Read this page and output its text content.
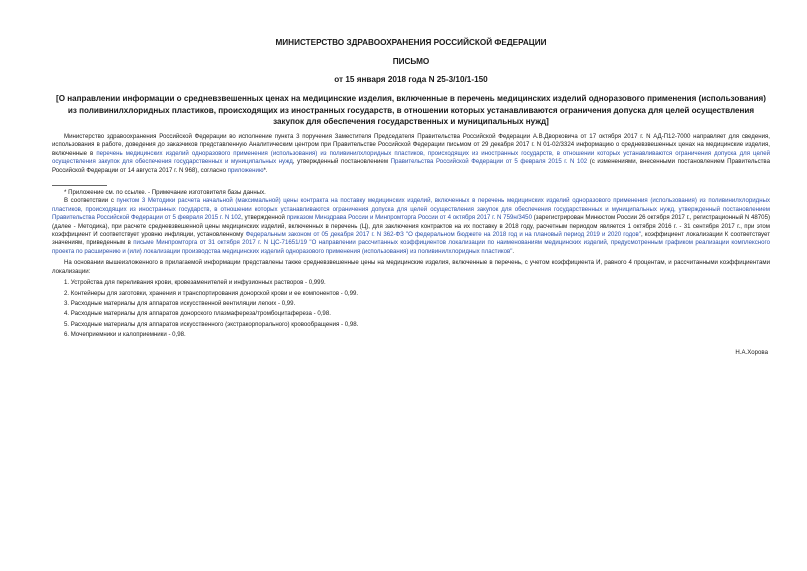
МИНИСТЕРСТВО ЗДРАВООХРАНЕНИЯ РОССИЙСКОЙ ФЕДЕРАЦИИ
ПИСЬМО
от 15 января 2018 года N 25-3/10/1-150
[О направлении информации о средневзвешенных ценах на медицинские изделия, включенные в перечень медицинских изделий одноразового применения (использования) из поливинилхлоридных пластиков, происходящих из иностранных государств, в отношении которых устанавливаются ограничения допуска для целей осуществления закупок для обеспечения государственных и муниципальных нужд]

Министерство здравоохранения Российской Федерации во исполнение пункта 3 поручения Заместителя Председателя Правительства Российской Федерации А.В.Дворковича от 17 октября 2017 г. N АД-П12-7000 направляет для сведения, использования в работе, доведения до заказчиков представленную Аналитическим центром при Правительстве Российской Федерации письмом от 29 декабря 2017 г. N 01-02/3324 информацию о средневзвешенных ценах на медицинские изделия, включенные в перечень медицинских изделий одноразового применения (использования) из поливинилхлоридных пластиков, происходящих из иностранных государств, в отношении которых устанавливаются ограничения допуска для целей осуществления закупок для обеспечения государственных и муниципальных нужд, утвержденный постановлением Правительства Российской Федерации от 5 февраля 2015 г. N 102 (с изменениями, внесенными постановлением Правительства Российской Федерации от 14 августа 2017 г. N 968), согласно приложению*.

* Приложение см. по ссылке. - Примечание изготовителя базы данных.

В соответствии с пунктом 3 Методики расчета начальной (максимальной) цены контракта на поставку медицинских изделий, включенных в перечень медицинских изделий одноразового применения (использования) из поливинилхлоридных пластиков, происходящих из иностранных государств, в отношении которых устанавливаются ограничения допуска для целей осуществления закупок для обеспечения государственных и муниципальных нужд, утвержденный постановлением Правительства Российской Федерации от 5 февраля 2015 г. N 102, утвержденной приказом Минздрава России и Минпромторга России от 4 октября 2017 г. N 759н/3450 (зарегистрирован Минюстом России 26 октября 2017 г., регистрационный N 48705) (далее - Методика), при расчете средневзвешенной цены медицинских изделий, включенных в перечень (Ц), для заключения контрактов на их поставку в 2018 году, расчетным периодом является 1 октября 2016 г. - 31 сентября 2017 г., при этом коэффициент И соответствует уровню инфляции, установленному Федеральным законом от 05 декабря 2017 г. N 362-ФЗ "О федеральном бюджете на 2018 год и на плановый период 2019 и 2020 годов", коэффициент локализации К соответствует значениям, приведенным в письме Минпромторга от 31 октября 2017 г. N ЦС-71651/19 "О направлении рассчитанных коэффициентов локализации по наименованиям медицинских изделий, предусмотренным графиком реализации комплексного проекта по расширению и (или) локализации производства медицинских изделий одноразового применения (использования) из поливинилхлоридных пластиков".

На основании вышеизложенного в прилагаемой информации представлены также средневзвешенные цены на медицинские изделия, включенные в перечень, с учетом коэффициента И, равного 4 процентам, и рассчитанными коэффициентами локализации:

1. Устройства для переливания крови, кровезаменителей и инфузионных растворов - 0,999.

2. Контейнеры для заготовки, хранения и транспортирования донорской крови и ее компонентов - 0,99.

3. Расходные материалы для аппаратов искусственной вентиляции легких - 0,99.

4. Расходные материалы для аппаратов донорского плазмафереза/тромбоцитафереза - 0,98.

5. Расходные материалы для аппаратов искусственного (экстракорпорального) кровообращения - 0,98.

6. Мочеприемники и калоприемники - 0,98.

Н.А.Хорова
